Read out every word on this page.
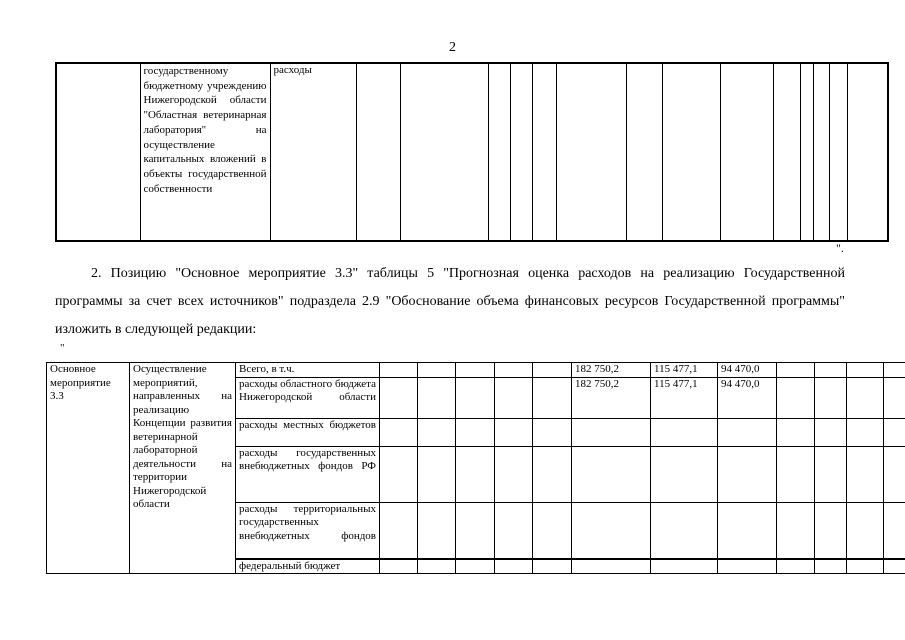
2
	государственному бюджетному учреждению Нижегородской области "Областная ветеринарная лаборатория" на осуществление капитальных вложений в объекты государственной собственности	расходы														
".
2. Позицию "Основное мероприятие 3.3" таблицы 5 "Прогнозная оценка расходов на реализацию Государственной программы за счет всех источников" подраздела 2.9 "Обоснование объема финансовых ресурсов Государственной программы" изложить в следующей редакции:
"
Основное мероприятие 3.3	Осуществление мероприятий, направленных на реализацию Концепции развития ветеринарной лабораторной деятельности на территории Нижегородской области	Всего, в т.ч.						182 750,2	115 477,1	94 470,0				
		расходы областного бюджета Нижегородской области						182 750,2	115 477,1	94 470,0				
		расходы местных бюджетов												
		расходы государственных внебюджетных фондов РФ												
		расходы территориальных государственных внебюджетных фондов												
		федеральный бюджет												
